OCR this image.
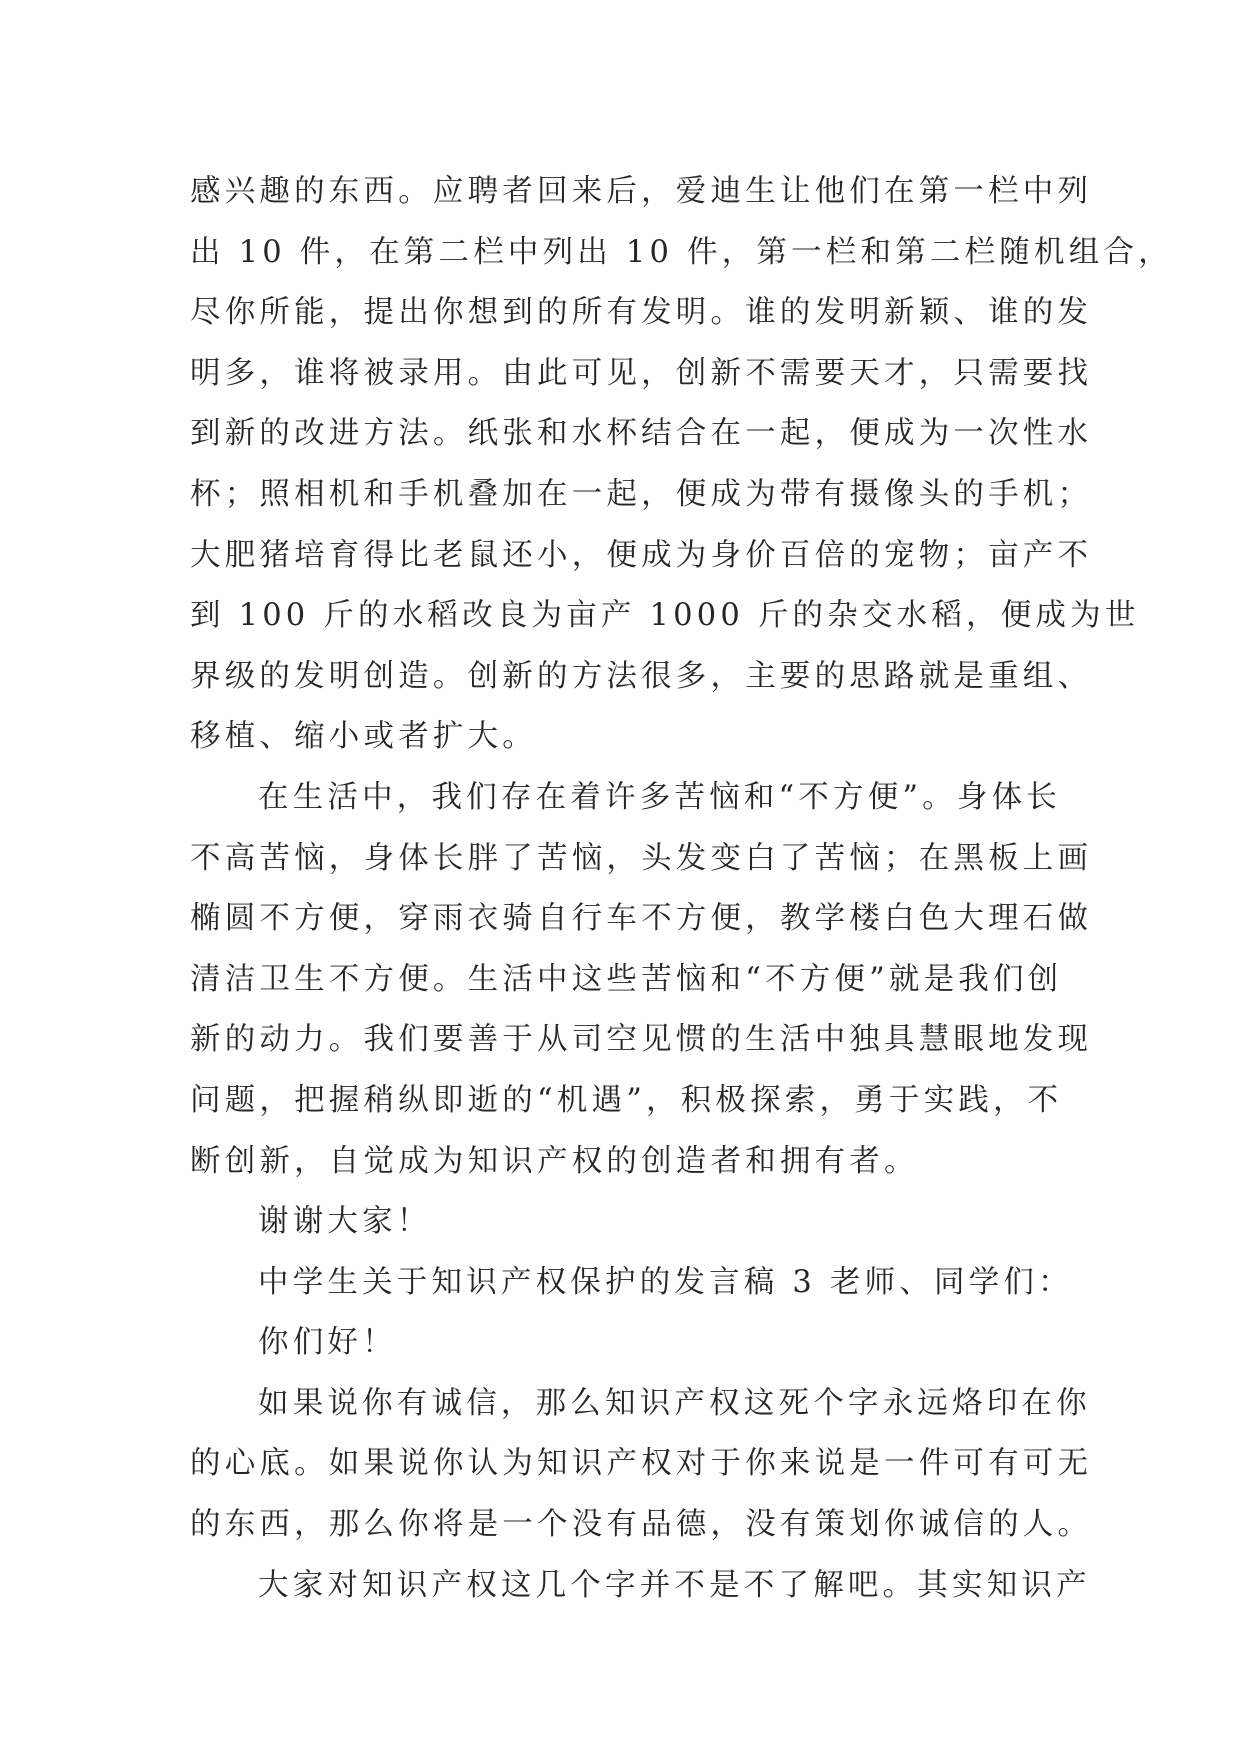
感兴趣的东西。应聘者回来后，爱迪生让他们在第一栏中列
出 10 件，在第二栏中列出 10 件，第一栏和第二栏随机组合，
尽你所能，提出你想到的所有发明。谁的发明新颖、谁的发
明多，谁将被录用。由此可见，创新不需要天才，只需要找
到新的改进方法。纸张和水杯结合在一起，便成为一次性水
杯；照相机和手机叠加在一起，便成为带有摄像头的手机；
大肥猪培育得比老鼠还小，便成为身价百倍的宠物；亩产不
到 100 斤的水稻改良为亩产 1000 斤的杂交水稻，便成为世
界级的发明创造。创新的方法很多，主要的思路就是重组、
移植、缩小或者扩大。
在生活中，我们存在着许多苦恼和“不方便”。身体长
不高苦恼，身体长胖了苦恼，头发变白了苦恼；在黑板上画
椭圆不方便，穿雨衣骑自行车不方便，教学楼白色大理石做
清洁卫生不方便。生活中这些苦恼和“不方便”就是我们创
新的动力。我们要善于从司空见惯的生活中独具慧眼地发现
问题，把握稍纵即逝的“机遇”，积极探索，勇于实践，不
断创新，自觉成为知识产权的创造者和拥有者。
谢谢大家！
中学生关于知识产权保护的发言稿 3 老师、同学们：
你们好！
如果说你有诚信，那么知识产权这死个字永远烙印在你
的心底。如果说你认为知识产权对于你来说是一件可有可无
的东西，那么你将是一个没有品德，没有策划你诚信的人。
大家对知识产权这几个字并不是不了解吧。其实知识产
